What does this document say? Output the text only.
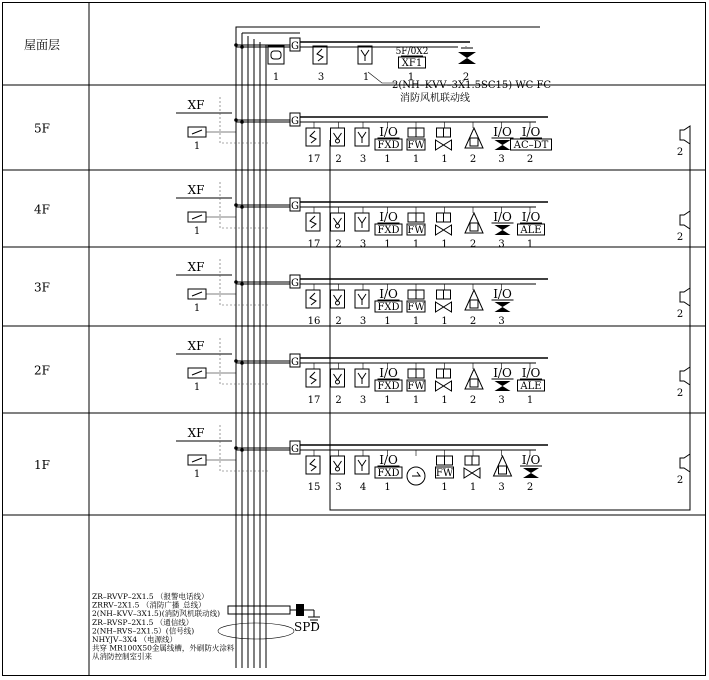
屋面层	G
1	3	1
5F/0X2
XF1
1	2
5F	G
17 2 3
I/O
FXD
1
FW
1 1 2
I/O
3
I/O
AC–DT
2
XF
1
2
4F	G
17 2 3
I/O
FXD
1
FW
1 1 2
I/O
3
I/O
ALE
1
XF
1
2
3F	G
16 2 3
I/O
FXD
1
FW
1 1 2
I/O
3
XF
1
2
2F
G
17 2 3
I/O
FXD
1
FW
1 1 2
I/O
3
I/O
ALE
1
XF
1
2
1F
G
15 3 4
I/O
FXD
1
FW
1 1 3
I/O
2
XF
1
2
2(NH–KVV–3X1.5SC15) WC FC
消防风机联动线
SPD
ZR–RVVP–2X1.5 （报警电话线）
ZRRV–2X1.5 （消防广播_总线）
2(NH–KVV–3X1.5)(消防风机联动线)
ZR–RVSP–2X1.5 （通信线）
2(NH–RVS–2X1.5）(信号线)
NHYJV–3X4 （电源线）
共穿 MR100X50金属线槽，外刷防火涂料
从消防控制室引来
